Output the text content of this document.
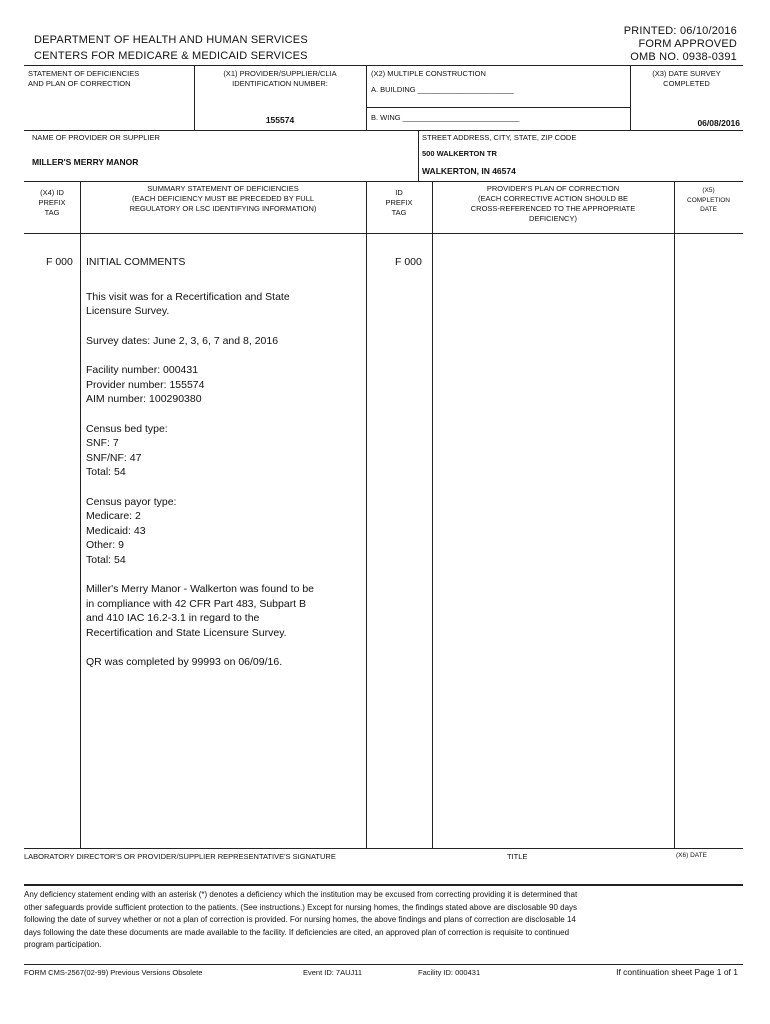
DEPARTMENT OF HEALTH AND HUMAN SERVICES
CENTERS FOR MEDICARE & MEDICAID SERVICES
PRINTED: 06/10/2016
FORM APPROVED
OMB NO. 0938-0391
STATEMENT OF DEFICIENCIES
AND PLAN OF CORRECTION
(X1) PROVIDER/SUPPLIER/CLIA
IDENTIFICATION NUMBER:
155574
(X2) MULTIPLE CONSTRUCTION
A. BUILDING _______________________
B. WING ____________________________
(X3) DATE SURVEY
COMPLETED
06/08/2016
NAME OF PROVIDER OR SUPPLIER
MILLER'S MERRY MANOR
STREET ADDRESS, CITY, STATE, ZIP CODE
500 WALKERTON TR
WALKERTON, IN 46574
(X4) ID
PREFIX
TAG
SUMMARY STATEMENT OF DEFICIENCIES
(EACH DEFICIENCY MUST BE PRECEDED BY FULL
REGULATORY OR LSC IDENTIFYING INFORMATION)
ID
PREFIX
TAG
PROVIDER'S PLAN OF CORRECTION
(EACH CORRECTIVE ACTION SHOULD BE
CROSS-REFERENCED TO THE APPROPRIATE
DEFICIENCY)
(X5)
COMPLETION
DATE
F 000	F 000
INITIAL COMMENTS
This visit was for a Recertification and State
Licensure Survey.
Survey dates: June 2, 3, 6, 7 and 8, 2016
Facility number: 000431
Provider number: 155574
AIM number: 100290380
Census bed type:
SNF: 7
SNF/NF: 47
Total: 54
Census payor type:
Medicare: 2
Medicaid: 43
Other: 9
Total: 54
Miller's Merry Manor - Walkerton was found to be
in compliance with 42 CFR Part 483, Subpart B
and 410 IAC 16.2-3.1 in regard to the
Recertification and State Licensure Survey.
QR was completed by 99993 on 06/09/16.
LABORATORY DIRECTOR'S OR PROVIDER/SUPPLIER REPRESENTATIVE'S SIGNATURE	TITLE	(X6) DATE
Any deficiency statement ending with an asterisk (*) denotes a deficiency which the institution may be excused from correcting providing it is determined that
other safeguards provide sufficient protection to the patients. (See instructions.) Except for nursing homes, the findings stated above are disclosable 90 days
following the date of survey whether or not a plan of correction is provided. For nursing homes, the above findings and plans of correction are disclosable 14
days following the date these documents are made available to the facility. If deficiencies are cited, an approved plan of correction is requisite to continued
program participation.
FORM CMS-2567(02-99) Previous Versions Obsolete	Event ID: 7AUJ11	Facility ID: 000431	If continuation sheet Page 1 of 1
